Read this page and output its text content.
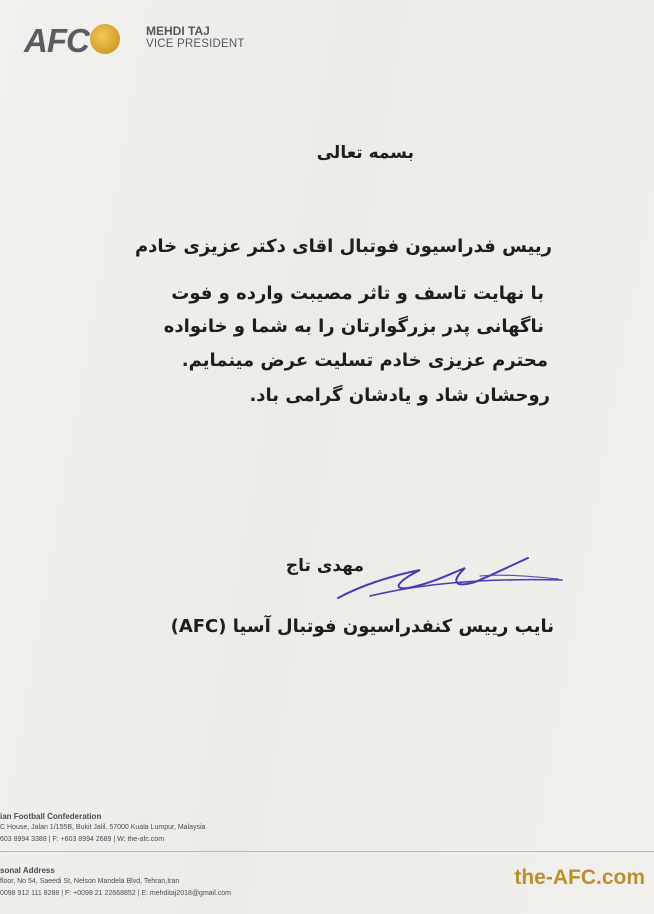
AFC	MEHDI TAJ
VICE PRESIDENT
بسمه تعالی
رییس فدراسیون فوتبال اقای دکتر عزیزی خادم
با نهایت تاسف و تاثر مصیبت وارده و فوت
ناگهانی پدر بزرگوارتان را به شما و خانواده
محترم عزیزی خادم تسلیت عرض مینمایم.
روحشان شاد و یادشان گرامی باد.
مهدی تاج
نایب رییس کنفدراسیون فوتبال آسیا (AFC)
ian Football Confederation
C House, Jalan 1/155B, Bukit Jalil, 57000 Kuala Lumpur, Malaysia
603 8994 3388 | F: +603 8994 2689 | W: the-afc.com
sonal Address
floor, No 54, Saeedi St, Nelson Mandela Blvd, Tehran,Iran
0098 912 111 8288 | F: +0098 21 22668852 | E: mehditaj2018@gmail.com
the-AFC.com
